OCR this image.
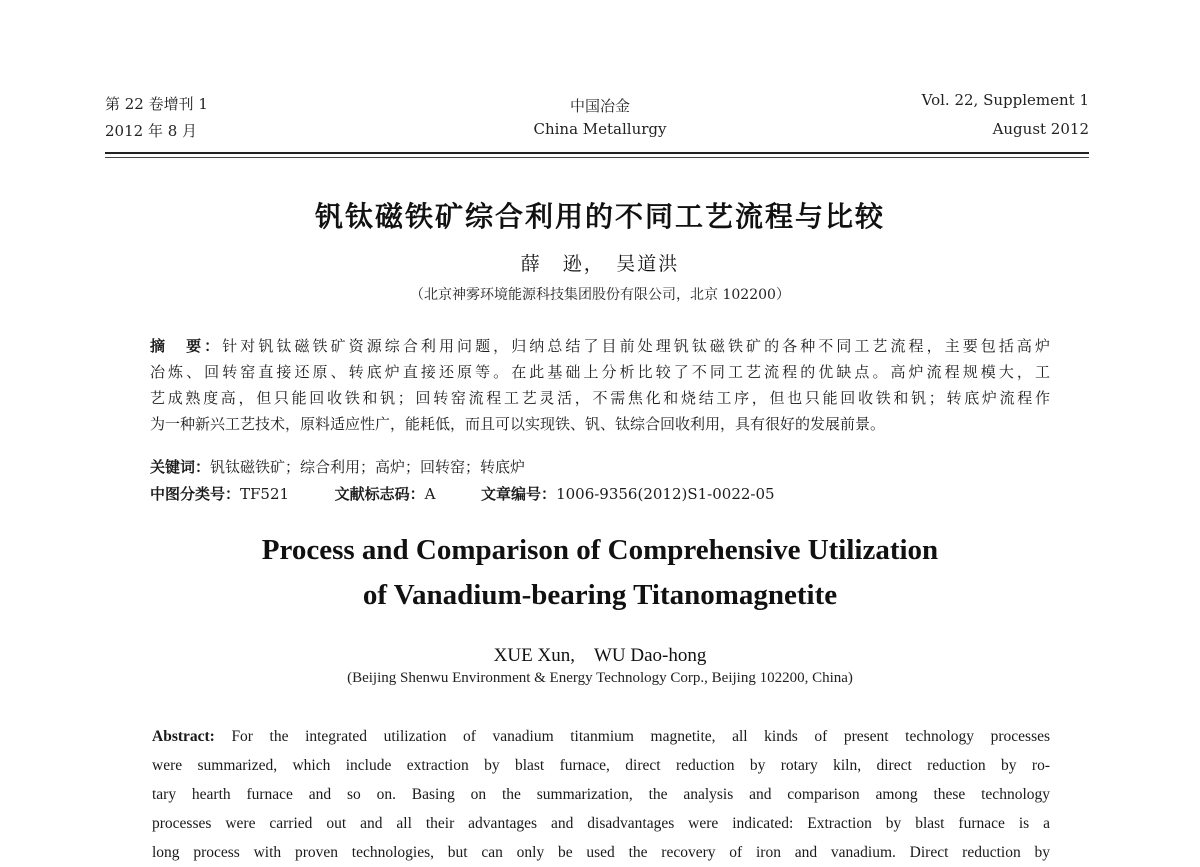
第 22 卷增刊 1
2012 年 8 月
中国冶金
China Metallurgy
Vol. 22, Supplement 1
August 2012
钒钛磁铁矿综合利用的不同工艺流程与比较
薛　逊，　吴道洪
（北京神雾环境能源科技集团股份有限公司，北京 102200）
摘　要：针对钒钛磁铁矿资源综合利用问题，归纳总结了目前处理钒钛磁铁矿的各种不同工艺流程，主要包括高炉
冶炼、回转窑直接还原、转底炉直接还原等。在此基础上分析比较了不同工艺流程的优缺点。高炉流程规模大，工
艺成熟度高，但只能回收铁和钒；回转窑流程工艺灵活，不需焦化和烧结工序，但也只能回收铁和钒；转底炉流程作
为一种新兴工艺技术，原料适应性广，能耗低，而且可以实现铁、钒、钛综合回收利用，具有很好的发展前景。
关键词：钒钛磁铁矿；综合利用；高炉；回转窑；转底炉
中图分类号：TF521	文献标志码：A	文章编号：1006-9356(2012)S1-0022-05
Process and Comparison of Comprehensive Utilization
of Vanadium-bearing Titanomagnetite
XUE Xun,　WU Dao-hong
(Beijing Shenwu Environment & Energy Technology Corp., Beijing 102200, China)
Abstract: For the integrated utilization of vanadium titanmium magnetite, all kinds of present technology processes
were summarized, which include extraction by blast furnace, direct reduction by rotary kiln, direct reduction by ro-
tary hearth furnace and so on. Basing on the summarization, the analysis and comparison among these technology
processes were carried out and all their advantages and disadvantages were indicated: Extraction by blast furnace is a
long process with proven technologies, but can only be used the recovery of iron and vanadium. Direct reduction by
